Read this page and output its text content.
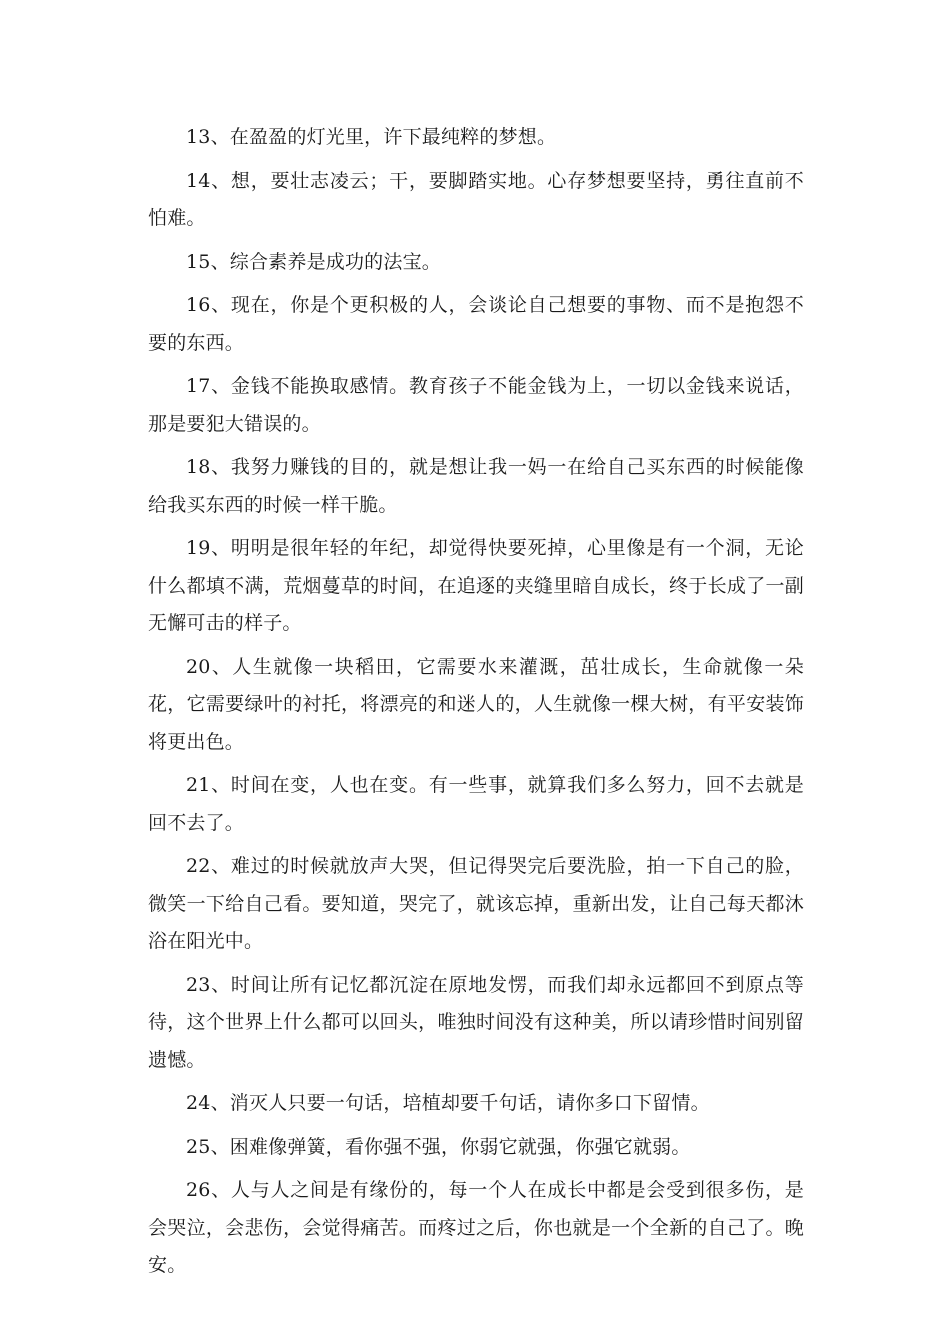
13、在盈盈的灯光里，许下最纯粹的梦想。

14、想，要壮志凌云；干，要脚踏实地。心存梦想要坚持，勇往直前不怕难。

15、综合素养是成功的法宝。

16、现在，你是个更积极的人，会谈论自己想要的事物、而不是抱怨不要的东西。

17、金钱不能换取感情。教育孩子不能金钱为上，一切以金钱来说话，那是要犯大错误的。

18、我努力赚钱的目的，就是想让我一妈一在给自己买东西的时候能像给我买东西的时候一样干脆。

19、明明是很年轻的年纪，却觉得快要死掉，心里像是有一个洞，无论什么都填不满，荒烟蔓草的时间，在追逐的夹缝里暗自成长，终于长成了一副无懈可击的样子。

20、人生就像一块稻田，它需要水来灌溉，茁壮成长，生命就像一朵花，它需要绿叶的衬托，将漂亮的和迷人的，人生就像一棵大树，有平安装饰将更出色。

21、时间在变，人也在变。有一些事，就算我们多么努力，回不去就是回不去了。

22、难过的时候就放声大哭，但记得哭完后要洗脸，拍一下自己的脸，微笑一下给自己看。要知道，哭完了，就该忘掉，重新出发，让自己每天都沐浴在阳光中。

23、时间让所有记忆都沉淀在原地发愣，而我们却永远都回不到原点等待，这个世界上什么都可以回头，唯独时间没有这种美，所以请珍惜时间别留遗憾。

24、消灭人只要一句话，培植却要千句话，请你多口下留情。

25、困难像弹簧，看你强不强，你弱它就强，你强它就弱。

26、人与人之间是有缘份的，每一个人在成长中都是会受到很多伤，是会哭泣，会悲伤，会觉得痛苦。而疼过之后，你也就是一个全新的自己了。晚安。
